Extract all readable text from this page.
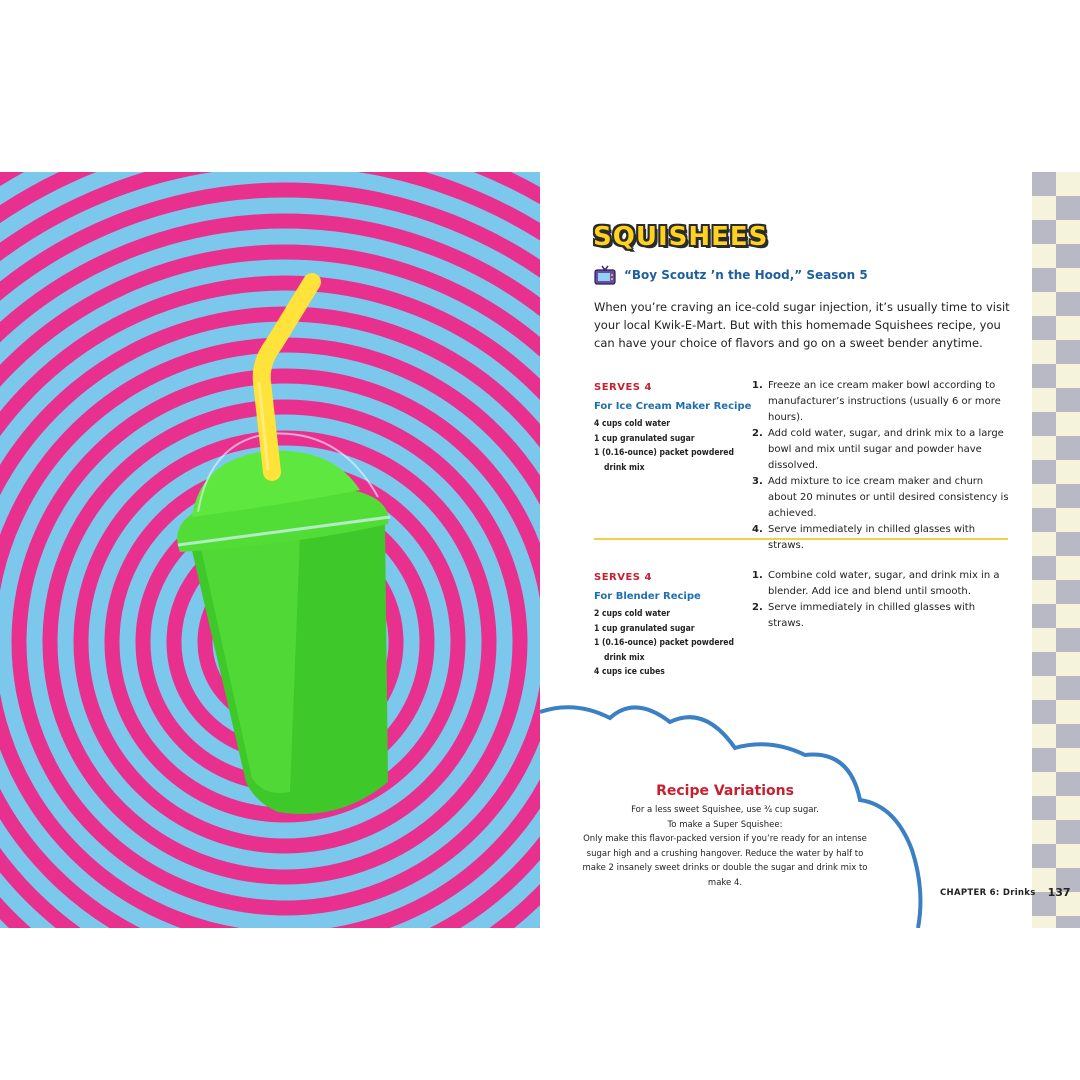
SQUISHEES
“Boy Scoutz ’n the Hood,” Season 5
When you’re craving an ice-cold sugar injection, it’s usually time to visit your local Kwik-E-Mart. But with this homemade Squishees recipe, you can have your choice of flavors and go on a sweet bender anytime.
SERVES 4
For Ice Cream Maker Recipe
4 cups cold water
1 cup granulated sugar
1 (0.16-ounce) packet powdered drink mix
1. Freeze an ice cream maker bowl according to manufacturer’s instructions (usually 6 or more hours).
2. Add cold water, sugar, and drink mix to a large bowl and mix until sugar and powder have dissolved.
3. Add mixture to ice cream maker and churn about 20 minutes or until desired consistency is achieved.
4. Serve immediately in chilled glasses with straws.
SERVES 4
For Blender Recipe
2 cups cold water
1 cup granulated sugar
1 (0.16-ounce) packet powdered drink mix
4 cups ice cubes
1. Combine cold water, sugar, and drink mix in a blender. Add ice and blend until smooth.
2. Serve immediately in chilled glasses with straws.
Recipe Variations
For a less sweet Squishee, use ³⁄₄ cup sugar.
To make a Super Squishee:
Only make this flavor-packed version if you’re ready for an intense sugar high and a crushing hangover. Reduce the water by half to make 2 insanely sweet drinks or double the sugar and drink mix to make 4.
CHAPTER 6: Drinks 137
